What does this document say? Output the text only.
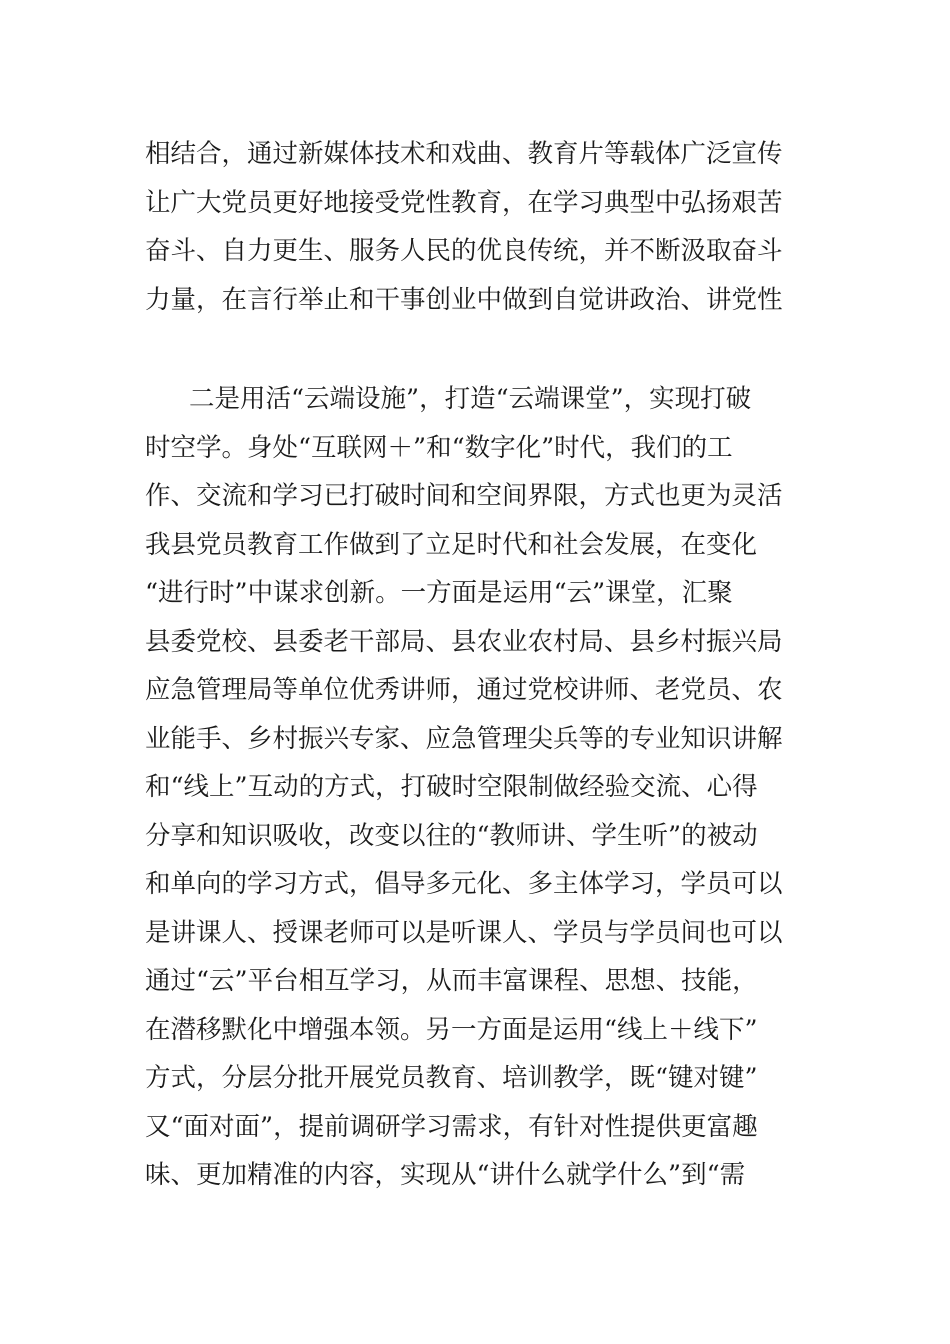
相结合，通过新媒体技术和戏曲、教育片等载体广泛宣传
让广大党员更好地接受党性教育，在学习典型中弘扬艰苦
奋斗、自力更生、服务人民的优良传统，并不断汲取奋斗
力量，在言行举止和干事创业中做到自觉讲政治、讲党性
二是用活“云端设施”，打造“云端课堂”，实现打破
时空学。身处“互联网＋”和“数字化”时代，我们的工
作、交流和学习已打破时间和空间界限，方式也更为灵活
我县党员教育工作做到了立足时代和社会发展，在变化
“进行时”中谋求创新。一方面是运用“云”课堂，汇聚
县委党校、县委老干部局、县农业农村局、县乡村振兴局
应急管理局等单位优秀讲师，通过党校讲师、老党员、农
业能手、乡村振兴专家、应急管理尖兵等的专业知识讲解
和“线上”互动的方式，打破时空限制做经验交流、心得
分享和知识吸收，改变以往的“教师讲、学生听”的被动
和单向的学习方式，倡导多元化、多主体学习，学员可以
是讲课人、授课老师可以是听课人、学员与学员间也可以
通过“云”平台相互学习，从而丰富课程、思想、技能，
在潜移默化中增强本领。另一方面是运用“线上＋线下”
方式，分层分批开展党员教育、培训教学，既“键对键”
又“面对面”，提前调研学习需求，有针对性提供更富趣
味、更加精准的内容，实现从“讲什么就学什么”到“需
